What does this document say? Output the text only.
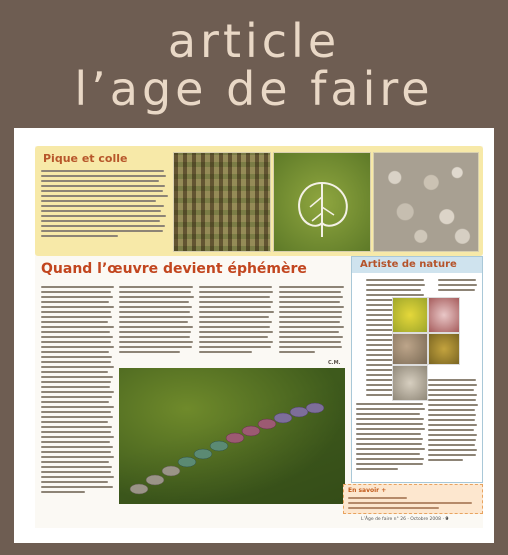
article
l’age de faire
Pique et colle
Quand l’œuvre devient éphémère
C.M.
Artiste de nature
En savoir +
L’Âge de faire n° 26 · Octobre 2008 · 9
